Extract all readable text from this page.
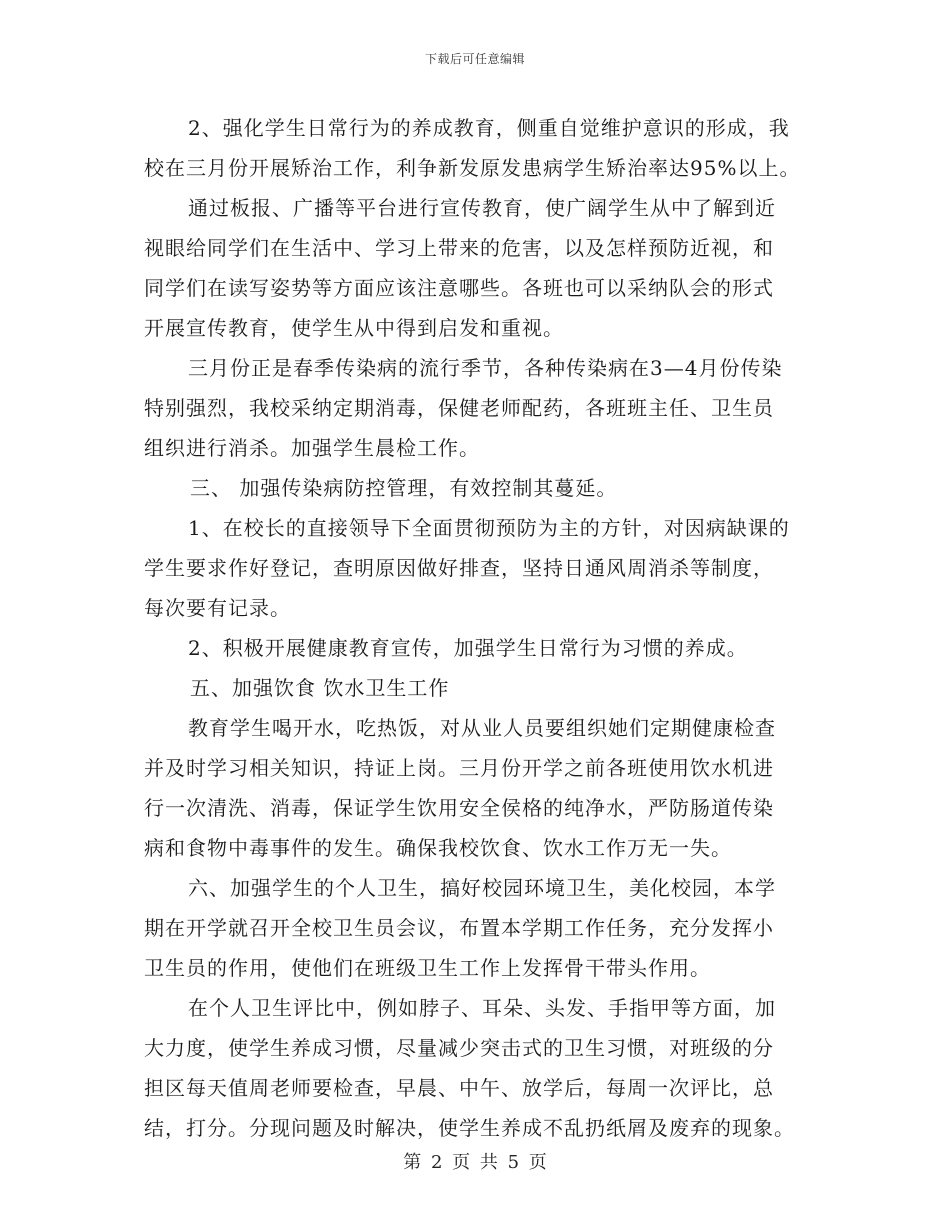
下载后可任意编辑
2、强化学生日常行为的养成教育，侧重自觉维护意识的形成，我
校在三月份开展矫治工作，利争新发原发患病学生矫治率达95%以上。
通过板报、广播等平台进行宣传教育，使广阔学生从中了解到近
视眼给同学们在生活中、学习上带来的危害，以及怎样预防近视，和
同学们在读写姿势等方面应该注意哪些。各班也可以采纳队会的形式
开展宣传教育，使学生从中得到启发和重视。
三月份正是春季传染病的流行季节，各种传染病在3—4月份传染
特别强烈，我校采纳定期消毒，保健老师配药，各班班主任、卫生员
组织进行消杀。加强学生晨检工作。
三、 加强传染病防控管理，有效控制其蔓延。
1、在校长的直接领导下全面贯彻预防为主的方针，对因病缺课的
学生要求作好登记，查明原因做好排查，坚持日通风周消杀等制度，
每次要有记录。
2、积极开展健康教育宣传，加强学生日常行为习惯的养成。
五、加强饮食 饮水卫生工作
教育学生喝开水，吃热饭，对从业人员要组织她们定期健康检查
并及时学习相关知识，持证上岗。三月份开学之前各班使用饮水机进
行一次清洗、消毒，保证学生饮用安全侯格的纯净水，严防肠道传染
病和食物中毒事件的发生。确保我校饮食、饮水工作万无一失。
六、加强学生的个人卫生，搞好校园环境卫生，美化校园，本学
期在开学就召开全校卫生员会议，布置本学期工作任务，充分发挥小
卫生员的作用，使他们在班级卫生工作上发挥骨干带头作用。
在个人卫生评比中，例如脖子、耳朵、头发、手指甲等方面，加
大力度，使学生养成习惯，尽量减少突击式的卫生习惯，对班级的分
担区每天值周老师要检查，早晨、中午、放学后，每周一次评比，总
结，打分。分现问题及时解决，使学生养成不乱扔纸屑及废弃的现象。
第 2 页 共 5 页
